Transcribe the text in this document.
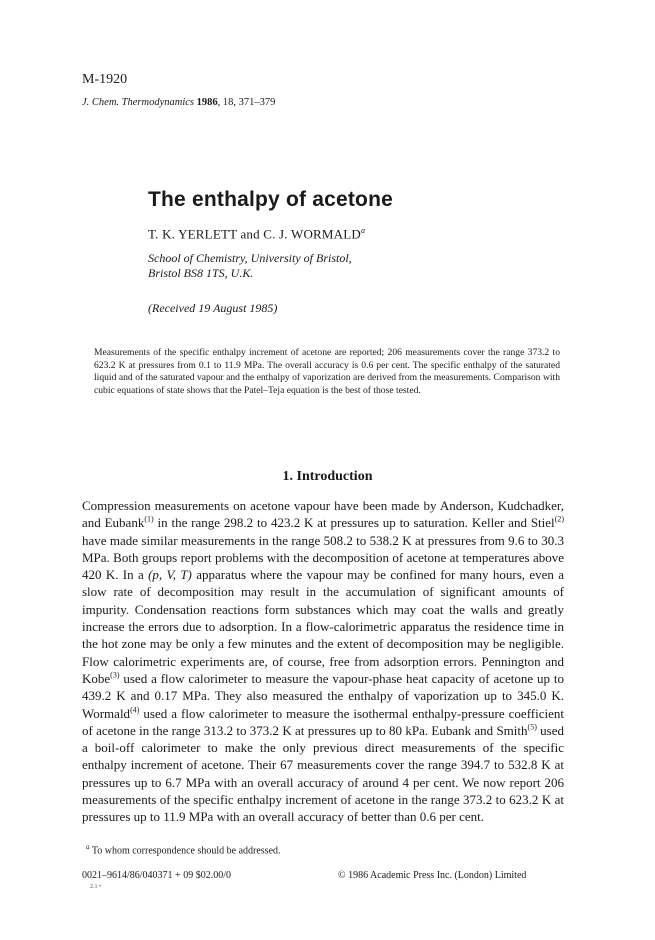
M-1920
J. Chem. Thermodynamics 1986, 18, 371–379
The enthalpy of acetone
T. K. YERLETT and C. J. WORMALD$^a$
School of Chemistry, University of Bristol,
Bristol BS8 1TS, U.K.
(Received 19 August 1985)
Measurements of the specific enthalpy increment of acetone are reported; 206 measurements cover the range 373.2 to 623.2 K at pressures from 0.1 to 11.9 MPa. The overall accuracy is 0.6 per cent. The specific enthalpy of the saturated liquid and of the saturated vapour and the enthalpy of vaporization are derived from the measurements. Comparison with cubic equations of state shows that the Patel–Teja equation is the best of those tested.
1. Introduction
Compression measurements on acetone vapour have been made by Anderson, Kudchadker, and Eubank$^{(1)}$ in the range 298.2 to 423.2 K at pressures up to saturation. Keller and Stiel$^{(2)}$ have made similar measurements in the range 508.2 to 538.2 K at pressures from 9.6 to 30.3 MPa. Both groups report problems with the decomposition of acetone at temperatures above 420 K. In a (p, V, T) apparatus where the vapour may be confined for many hours, even a slow rate of decomposition may result in the accumulation of significant amounts of impurity. Condensation reactions form substances which may coat the walls and greatly increase the errors due to adsorption. In a flow-calorimetric apparatus the residence time in the hot zone may be only a few minutes and the extent of decomposition may be negligible. Flow calorimetric experiments are, of course, free from adsorption errors. Pennington and Kobe$^{(3)}$ used a flow calorimeter to measure the vapour-phase heat capacity of acetone up to 439.2 K and 0.17 MPa. They also measured the enthalpy of vaporization up to 345.0 K. Wormald$^{(4)}$ used a flow calorimeter to measure the isothermal enthalpy-pressure coefficient of acetone in the range 313.2 to 373.2 K at pressures up to 80 kPa. Eubank and Smith$^{(5)}$ used a boil-off calorimeter to make the only previous direct measurements of the specific enthalpy increment of acetone. Their 67 measurements cover the range 394.7 to 532.8 K at pressures up to 6.7 MPa with an overall accuracy of around 4 per cent. We now report 206 measurements of the specific enthalpy increment of acetone in the range 373.2 to 623.2 K at pressures up to 11.9 MPa with an overall accuracy of better than 0.6 per cent.
$^a$ To whom correspondence should be addressed.
0021–9614/86/040371 + 09 $02.00/0	© 1986 Academic Press Inc. (London) Limited
2.1 •
